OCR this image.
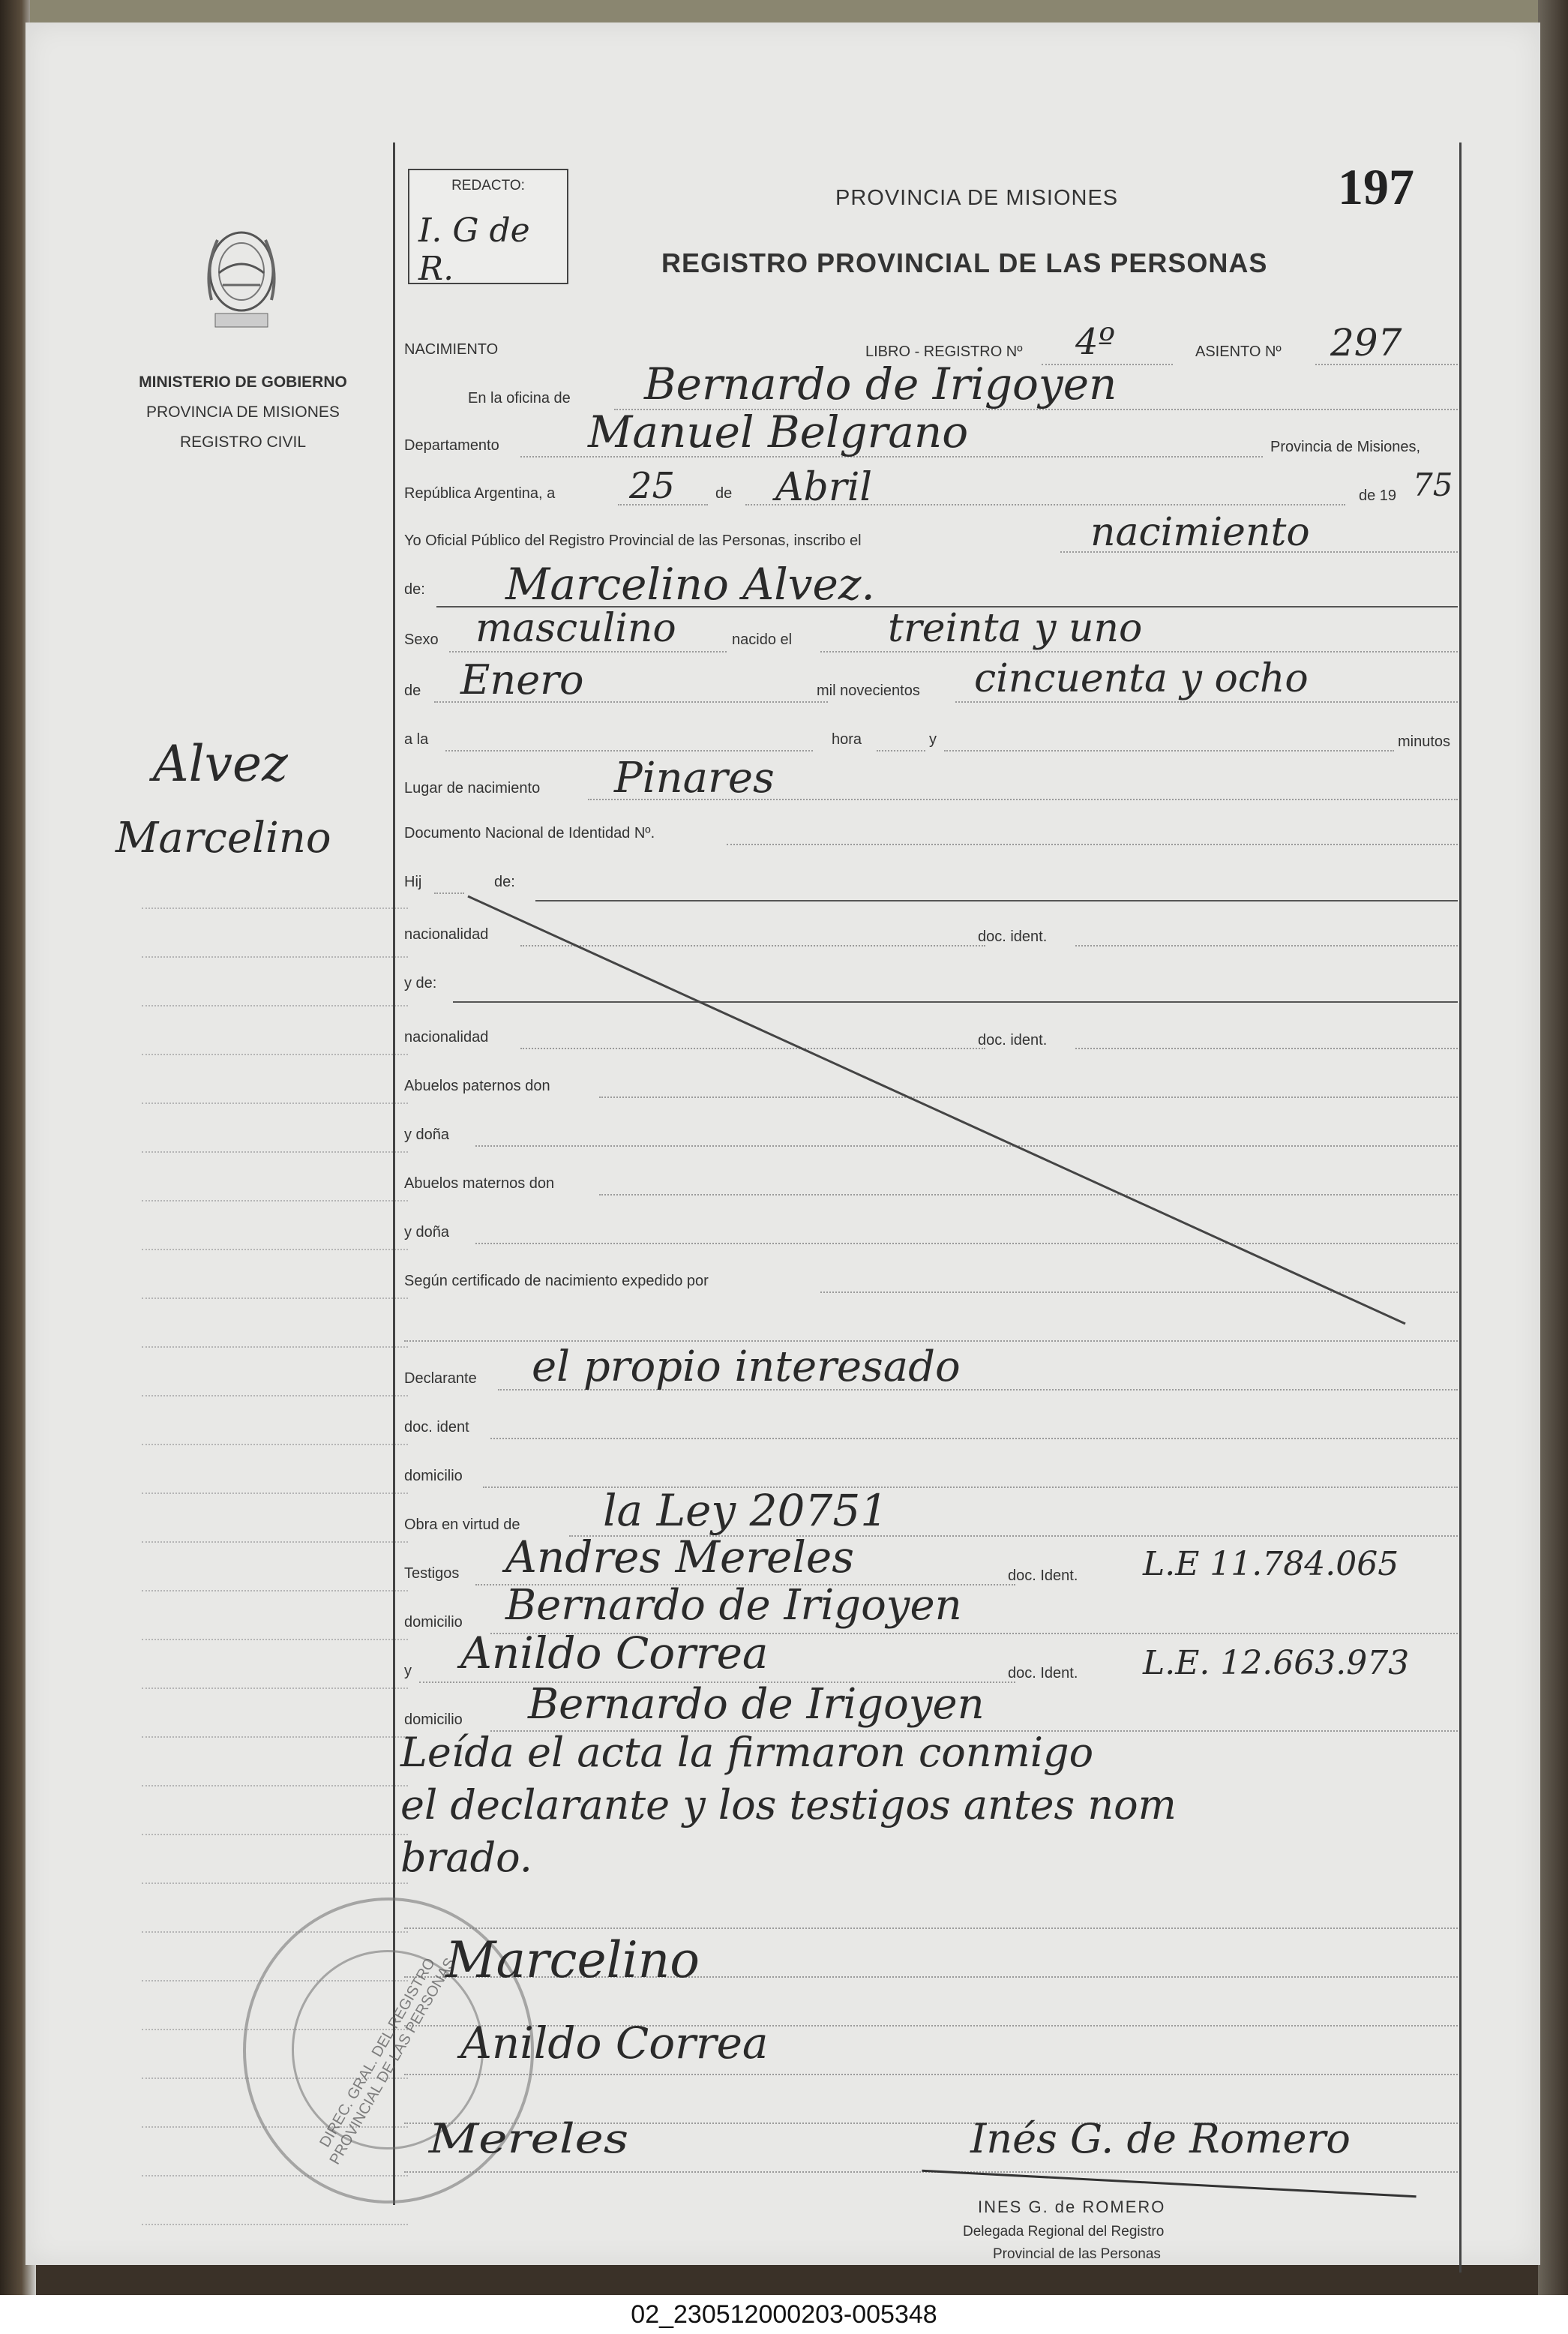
MINISTERIO DE GOBIERNO
PROVINCIA DE MISIONES
REGISTRO CIVIL
Alvez
Marcelino
REDACTO:
I. G de R.
PROVINCIA DE MISIONES	197
REGISTRO PROVINCIAL DE LAS PERSONAS
NACIMIENTO	LIBRO - REGISTRO Nº 4º	ASIENTO Nº 297
En la oficina de Bernardo de Irigoyen
Departamento Manuel Belgrano	Provincia de Misiones,
República Argentina, a 25	de Abril	de 19 75
Yo Oficial Público del Registro Provincial de las Personas, inscribo el	nacimiento
de: Marcelino Alvez.
Sexo masculino	nacido el treinta y uno
de Enero	mil novecientos cincuenta y ocho
a la	hora	y	minutos
Lugar de nacimiento Pinares
Documento Nacional de Identidad Nº.
Hij	de:
nacionalidad	doc. ident.
y de:
nacionalidad	doc. ident.
Abuelos paternos don
y doña
Abuelos maternos don
y doña
Según certificado de nacimiento expedido por
Declarante el propio interesado
doc. ident
domicilio
Obra en virtud de la Ley 20751
Testigos Andres Mereles	doc. Ident. L.E 11.784.065
domicilio Bernardo de Irigoyen
y Anildo Correa	doc. Ident. L.E. 12.663.973
domicilio Bernardo de Irigoyen
Leída el acta la firmaron conmigo
el declarante y los testigos antes nom
brado.
DIREC. GRAL. DEL REGISTRO PROVINCIAL DE LAS PERSONAS
Marcelino
Anildo Correa
Mereles	Inés G. de Romero
INES G. de ROMERO
Delegada Regional del Registro
Provincial de las Personas
02_230512000203-005348
